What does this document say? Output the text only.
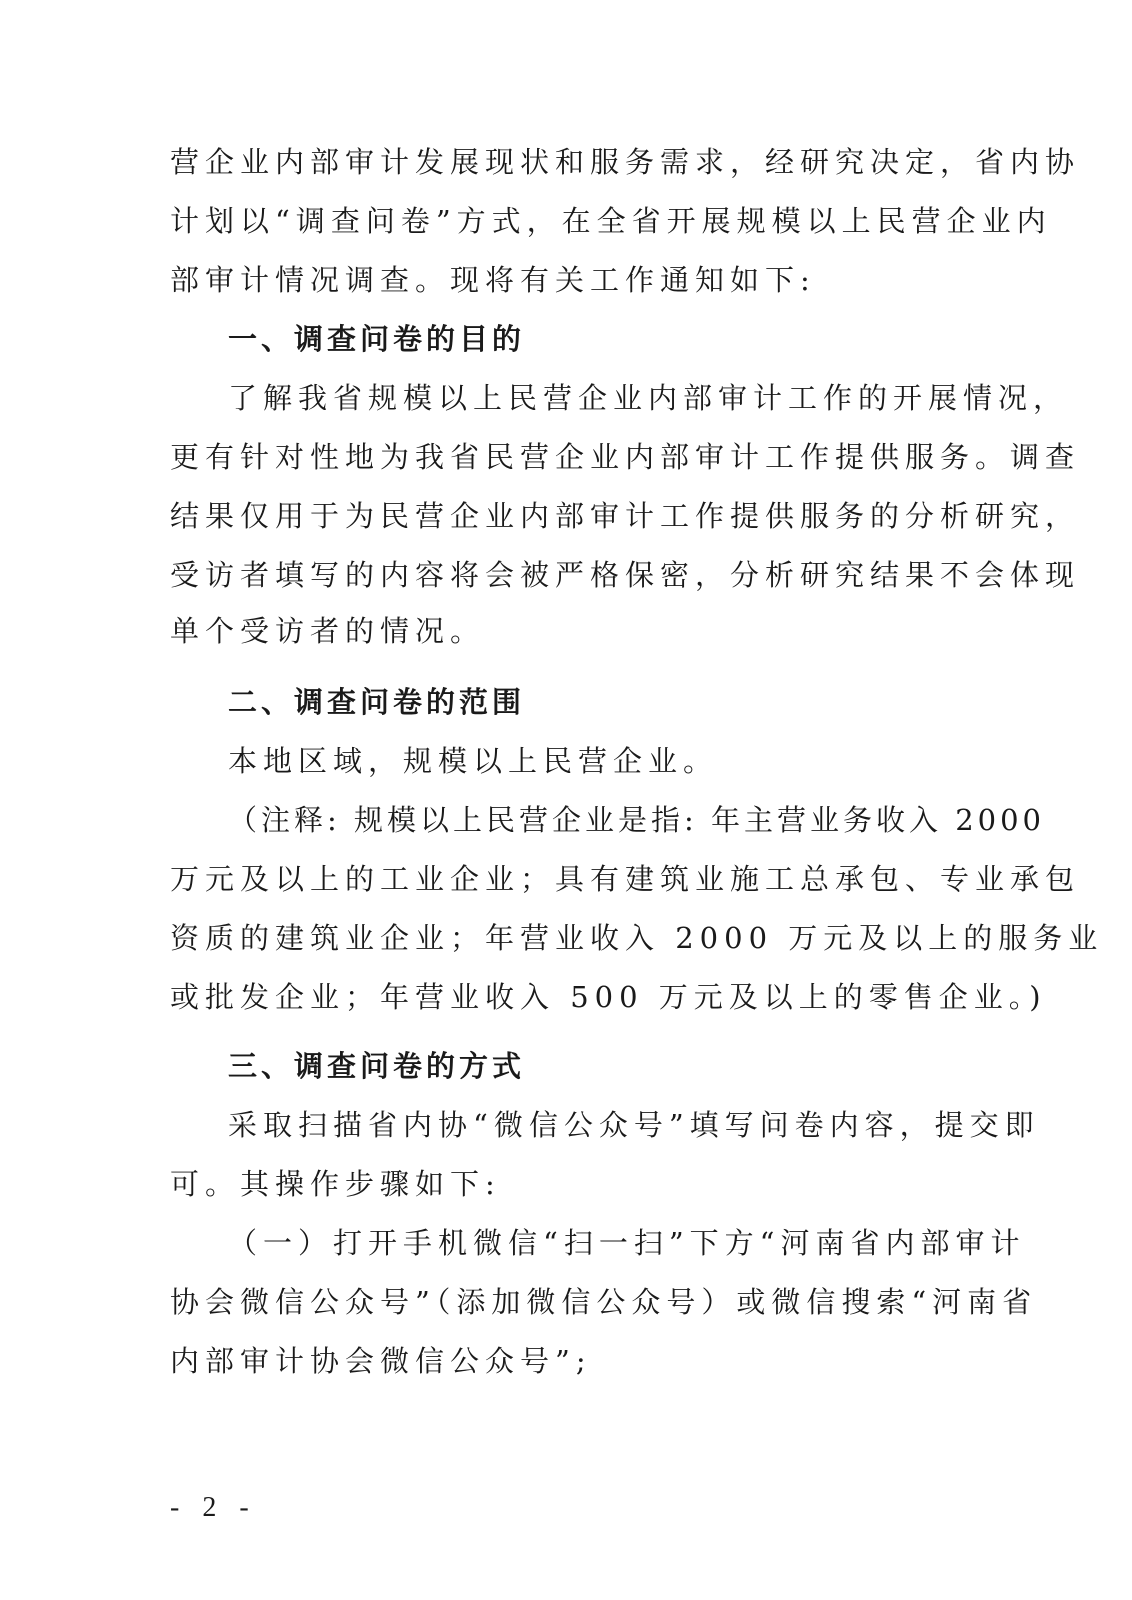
营企业内部审计发展现状和服务需求，经研究决定，省内协
计划以“调查问卷”方式，在全省开展规模以上民营企业内
部审计情况调查。现将有关工作通知如下:
一、调查问卷的目的
了解我省规模以上民营企业内部审计工作的开展情况，
更有针对性地为我省民营企业内部审计工作提供服务。调查
结果仅用于为民营企业内部审计工作提供服务的分析研究，
受访者填写的内容将会被严格保密，分析研究结果不会体现
单个受访者的情况。
二、调查问卷的范围
本地区域，规模以上民营企业。
（注释: 规模以上民营企业是指: 年主营业务收入 2000
万元及以上的工业企业；具有建筑业施工总承包、专业承包
资质的建筑业企业；年营业收入 2000 万元及以上的服务业
或批发企业；年营业收入 500 万元及以上的零售企业。)
三、调查问卷的方式
采取扫描省内协“微信公众号”填写问卷内容，提交即
可。其操作步骤如下:
（一）打开手机微信“扫一扫”下方“河南省内部审计
协会微信公众号”（添加微信公众号）或微信搜索“河南省
内部审计协会微信公众号”;
- 2 -
